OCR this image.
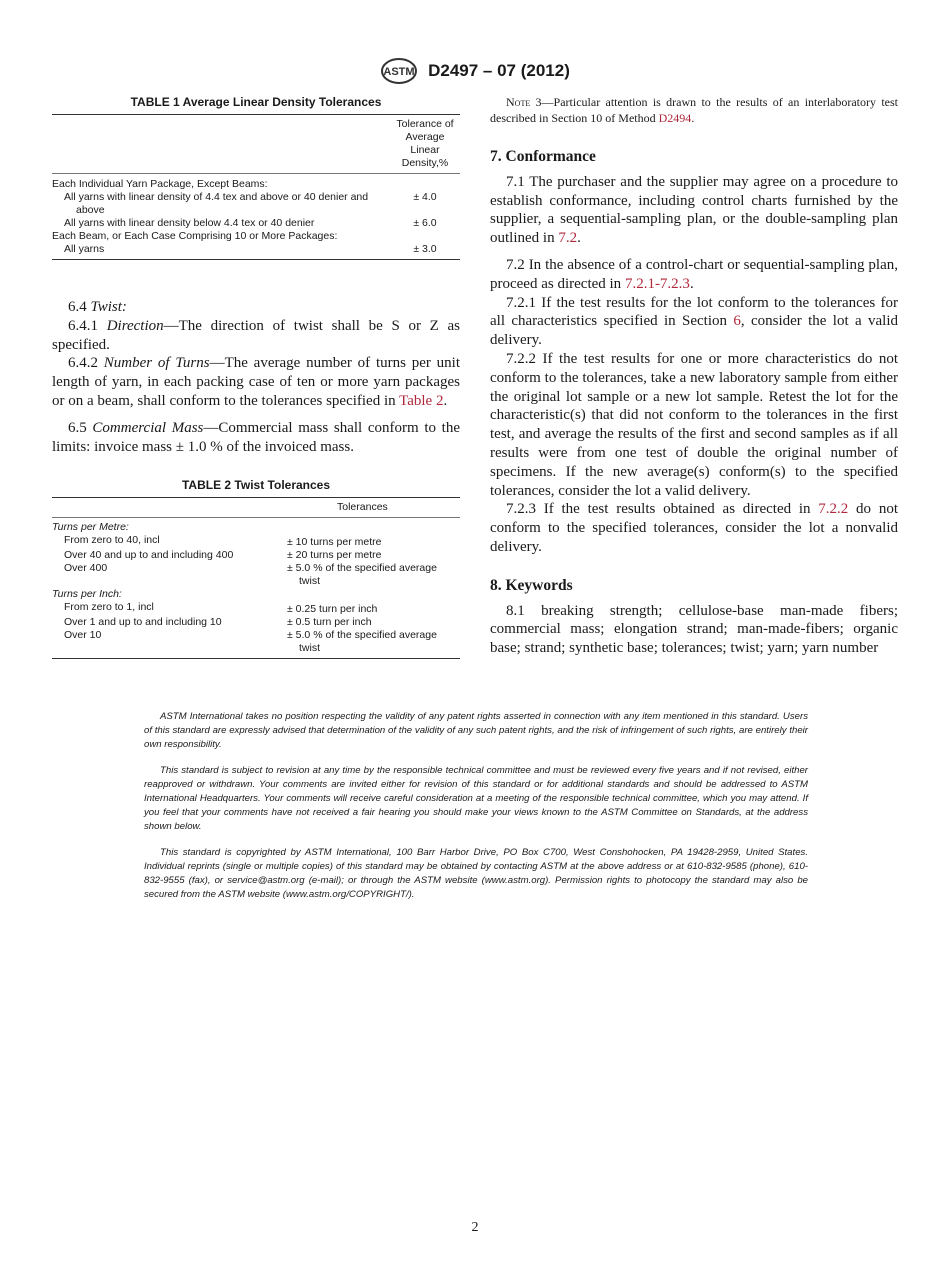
ASTM D2497 – 07 (2012)
TABLE 1 Average Linear Density Tolerances
	Tolerance of Average Linear Density,%
Each Individual Yarn Package, Except Beams:	
All yarns with linear density of 4.4 tex and above or 40 denier and above	± 4.0
All yarns with linear density below 4.4 tex or 40 denier	± 6.0
Each Beam, or Each Case Comprising 10 or More Packages:	
All yarns	± 3.0

6.4 Twist:

6.4.1 Direction—The direction of twist shall be S or Z as specified.

6.4.2 Number of Turns—The average number of turns per unit length of yarn, in each packing case of ten or more yarn packages or on a beam, shall conform to the tolerances specified in Table 2.

6.5 Commercial Mass—Commercial mass shall conform to the limits: invoice mass ± 1.0 % of the invoiced mass.

TABLE 2 Twist Tolerances
	Tolerances
Turns per Metre:	
From zero to 40, incl	± 10 turns per metre
Over 40 and up to and including 400	± 20 turns per metre
Over 400	± 5.0 % of the specified average twist
Turns per Inch:	
From zero to 1, incl	± 0.25 turn per inch
Over 1 and up to and including 10	± 0.5 turn per inch
Over 10	± 5.0 % of the specified average twist

Note 3—Particular attention is drawn to the results of an interlaboratory test described in Section 10 of Method D2494.

7. Conformance

7.1 The purchaser and the supplier may agree on a procedure to establish conformance, including control charts furnished by the supplier, a sequential-sampling plan, or the double-sampling plan outlined in 7.2.

7.2 In the absence of a control-chart or sequential-sampling plan, proceed as directed in 7.2.1-7.2.3.

7.2.1 If the test results for the lot conform to the tolerances for all characteristics specified in Section 6, consider the lot a valid delivery.

7.2.2 If the test results for one or more characteristics do not conform to the tolerances, take a new laboratory sample from either the original lot sample or a new lot sample. Retest the lot for the characteristic(s) that did not conform to the tolerances in the first test, and average the results of the first and second samples as if all results were from one test of double the original number of specimens. If the new average(s) conform(s) to the specified tolerances, consider the lot a valid delivery.

7.2.3 If the test results obtained as directed in 7.2.2 do not conform to the specified tolerances, consider the lot a nonvalid delivery.

8. Keywords

8.1 breaking strength; cellulose-base man-made fibers; commercial mass; elongation strand; man-made-fibers; organic base; strand; synthetic base; tolerances; twist; yarn; yarn number

ASTM International takes no position respecting the validity of any patent rights asserted in connection with any item mentioned in this standard. Users of this standard are expressly advised that determination of the validity of any such patent rights, and the risk of infringement of such rights, are entirely their own responsibility.

This standard is subject to revision at any time by the responsible technical committee and must be reviewed every five years and if not revised, either reapproved or withdrawn. Your comments are invited either for revision of this standard or for additional standards and should be addressed to ASTM International Headquarters. Your comments will receive careful consideration at a meeting of the responsible technical committee, which you may attend. If you feel that your comments have not received a fair hearing you should make your views known to the ASTM Committee on Standards, at the address shown below.

This standard is copyrighted by ASTM International, 100 Barr Harbor Drive, PO Box C700, West Conshohocken, PA 19428-2959, United States. Individual reprints (single or multiple copies) of this standard may be obtained by contacting ASTM at the above address or at 610-832-9585 (phone), 610-832-9555 (fax), or service@astm.org (e-mail); or through the ASTM website (www.astm.org). Permission rights to photocopy the standard may also be secured from the ASTM website (www.astm.org/COPYRIGHT/).

2
